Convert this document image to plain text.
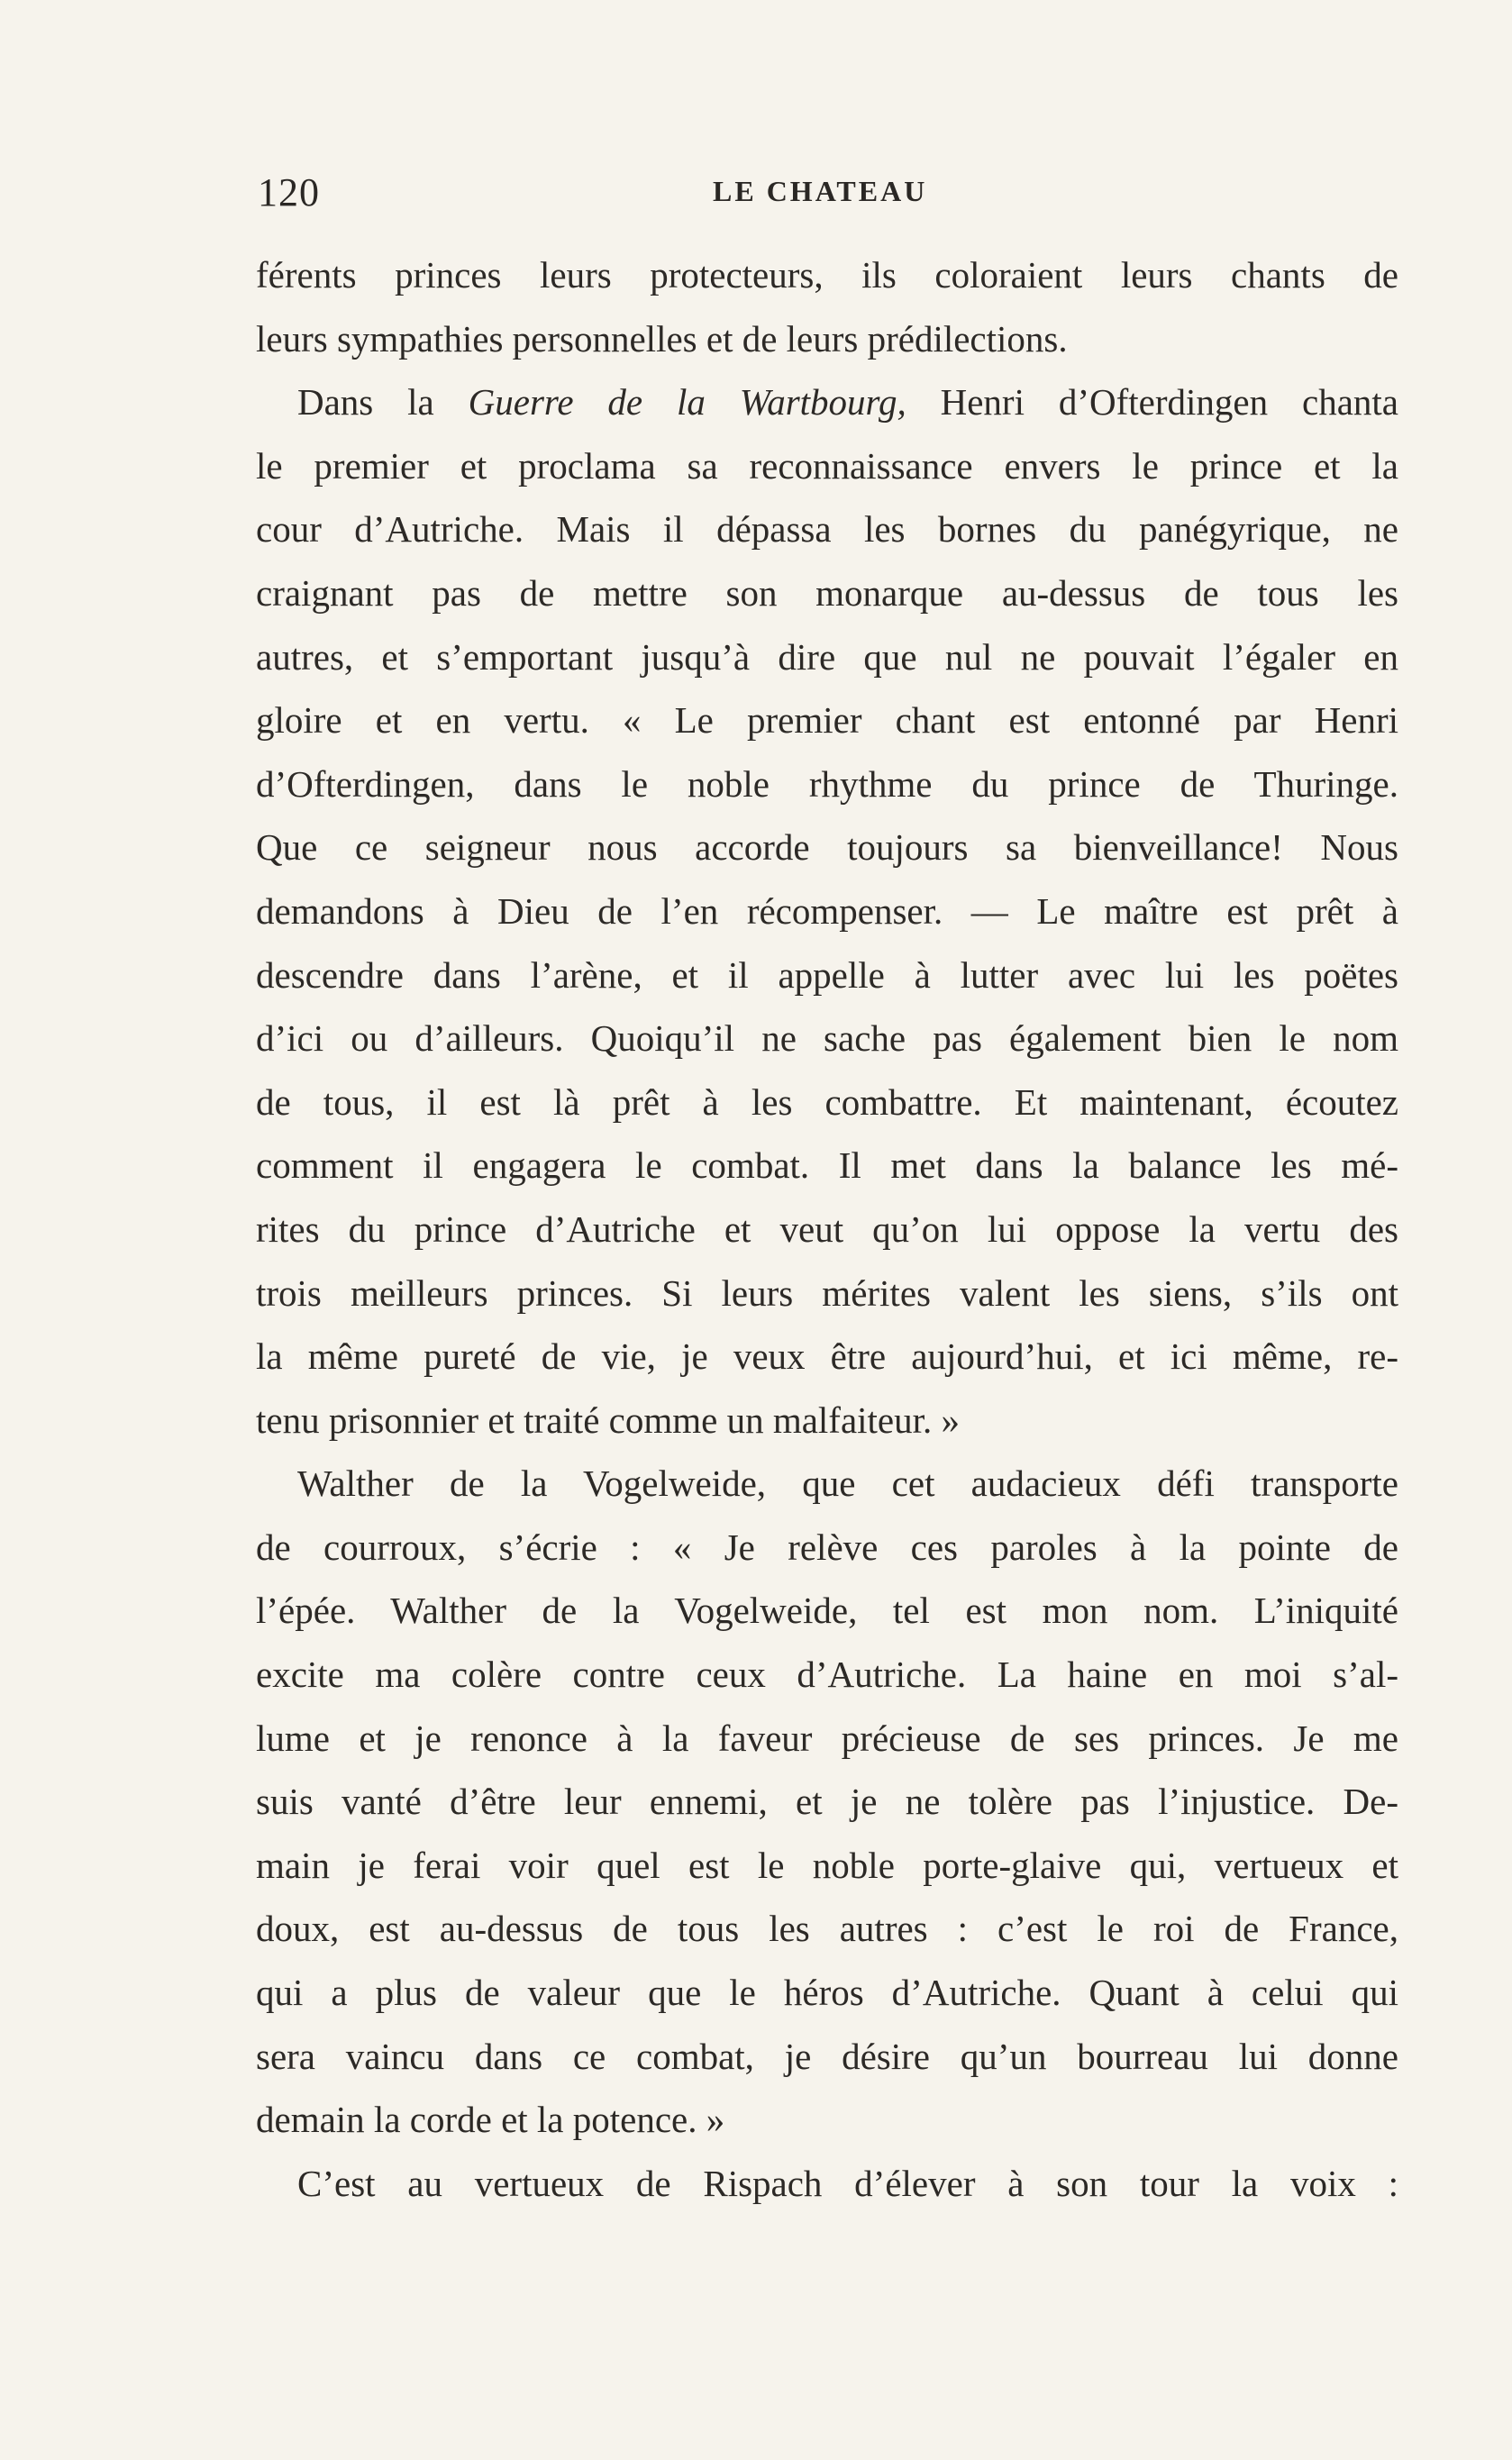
120	LE CHATEAU
férents princes leurs protecteurs, ils coloraient leurs chants de
leurs sympathies personnelles et de leurs prédilections.
Dans la Guerre de la Wartbourg, Henri d’Ofterdingen chanta
le premier et proclama sa reconnaissance envers le prince et la
cour d’Autriche. Mais il dépassa les bornes du panégyrique, ne
craignant pas de mettre son monarque au-dessus de tous les
autres, et s’emportant jusqu’à dire que nul ne pouvait l’égaler en
gloire et en vertu. « Le premier chant est entonné par Henri
d’Ofterdingen, dans le noble rhythme du prince de Thuringe.
Que ce seigneur nous accorde toujours sa bienveillance! Nous
demandons à Dieu de l’en récompenser. — Le maître est prêt à
descendre dans l’arène, et il appelle à lutter avec lui les poëtes
d’ici ou d’ailleurs. Quoiqu’il ne sache pas également bien le nom
de tous, il est là prêt à les combattre. Et maintenant, écoutez
comment il engagera le combat. Il met dans la balance les mé-
rites du prince d’Autriche et veut qu’on lui oppose la vertu des
trois meilleurs princes. Si leurs mérites valent les siens, s’ils ont
la même pureté de vie, je veux être aujourd’hui, et ici même, re-
tenu prisonnier et traité comme un malfaiteur. »
Walther de la Vogelweide, que cet audacieux défi transporte
de courroux, s’écrie : « Je relève ces paroles à la pointe de
l’épée. Walther de la Vogelweide, tel est mon nom. L’iniquité
excite ma colère contre ceux d’Autriche. La haine en moi s’al-
lume et je renonce à la faveur précieuse de ses princes. Je me
suis vanté d’être leur ennemi, et je ne tolère pas l’injustice. De-
main je ferai voir quel est le noble porte-glaive qui, vertueux et
doux, est au-dessus de tous les autres : c’est le roi de France,
qui a plus de valeur que le héros d’Autriche. Quant à celui qui
sera vaincu dans ce combat, je désire qu’un bourreau lui donne
demain la corde et la potence. »
C’est au vertueux de Rispach d’élever à son tour la voix :
